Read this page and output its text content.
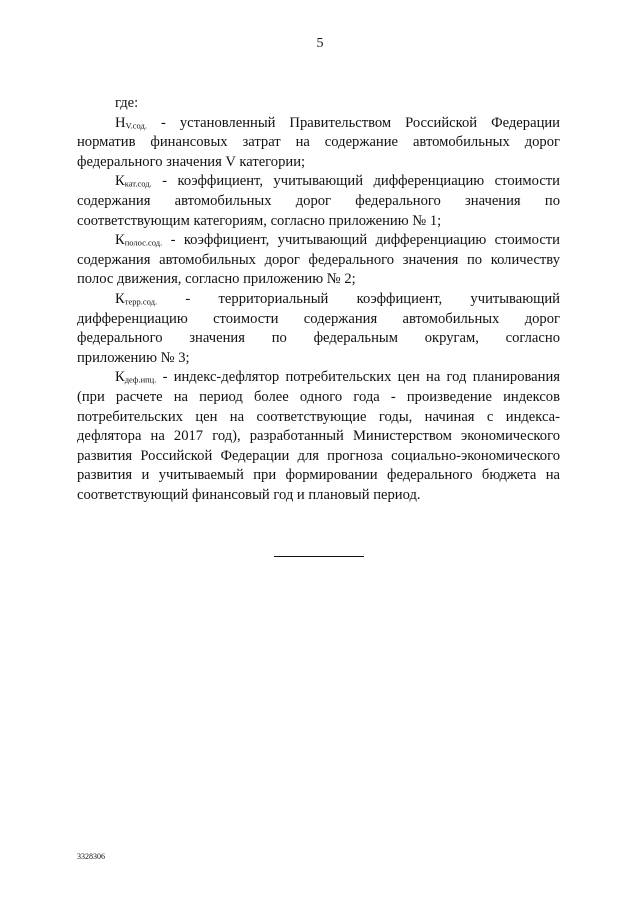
5
где:
$H_{V.сод.}$ - установленный Правительством Российской Федерации
норматив финансовых затрат на содержание автомобильных дорог
федерального значения V категории;
$К_{кат.сод.}$ - коэффициент, учитывающий дифференциацию стоимости
содержания автомобильных дорог федерального значения по
соответствующим категориям, согласно приложению № 1;
$К_{полос.сод.}$ - коэффициент, учитывающий дифференциацию стоимости
содержания автомобильных дорог федерального значения по количеству
полос движения, согласно приложению № 2;
$К_{терр.сод.}$ - территориальный коэффициент, учитывающий
дифференциацию стоимости содержания автомобильных дорог
федерального значения по федеральным округам, согласно
приложению № 3;
$К_{деф.ипц.}$ - индекс-дефлятор потребительских цен на год планирования
(при расчете на период более одного года - произведение индексов
потребительских цен на соответствующие годы, начиная с индекса-
дефлятора на 2017 год), разработанный Министерством экономического
развития Российской Федерации для прогноза социально-экономического
развития и учитываемый при формировании федерального бюджета на
соответствующий финансовый год и плановый период.
3328306
